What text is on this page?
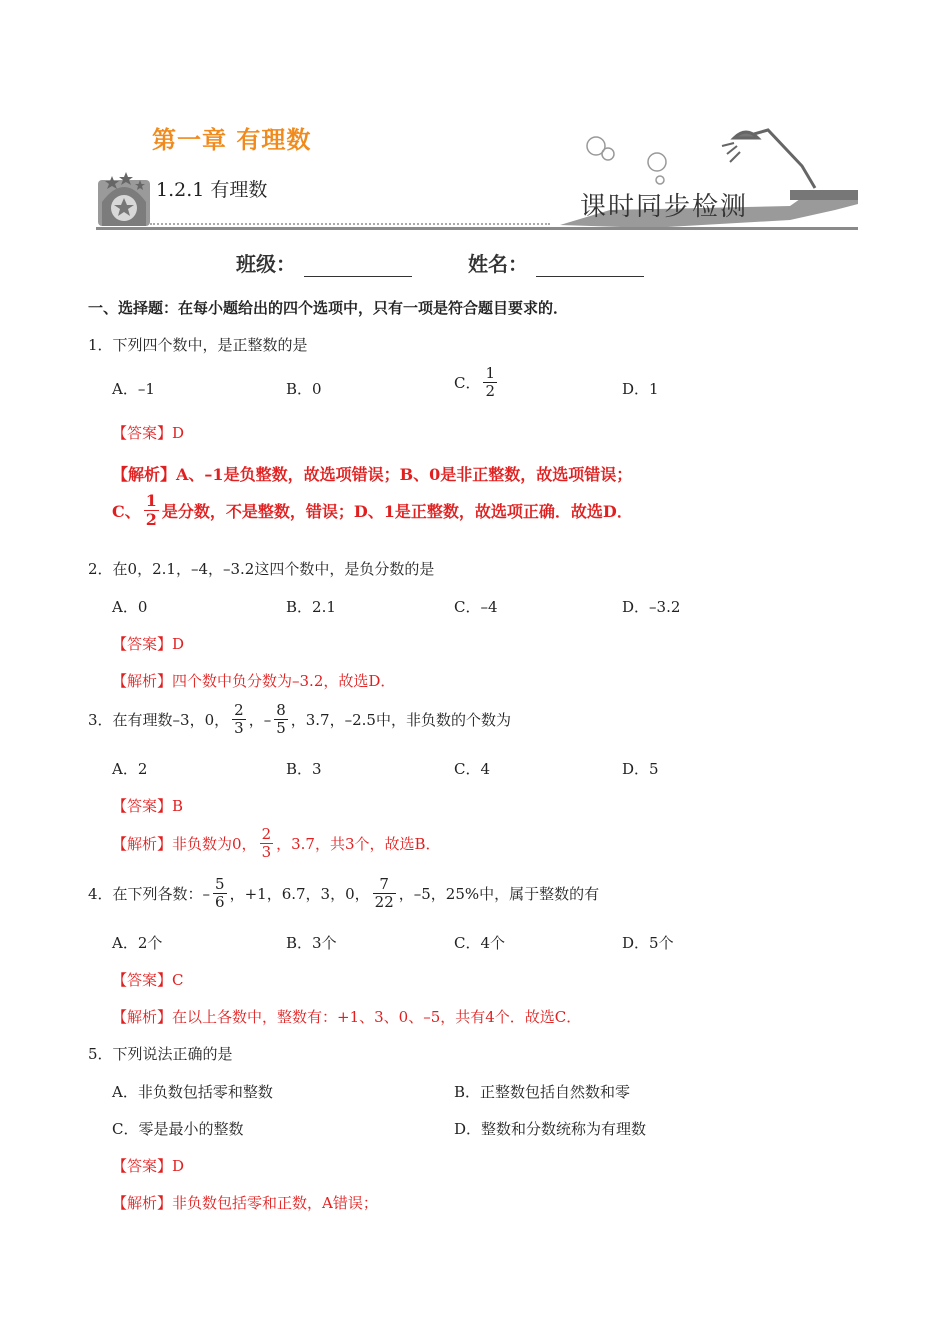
第一章 有理数
1.2.1 有理数
课时同步检测
班级：	姓名：
一、选择题：在每小题给出的四个选项中，只有一项是符合题目要求的．
1．下列四个数中，是正整数的是
A．–1	B．0	C． $\frac{1}{2}$	D．1
【答案】D
【解析】A、–1是负整数，故选项错误；B、0是非正整数，故选项错误；
C、 $\frac{1}{2}$ 是分数，不是整数，错误；D、1是正整数，故选项正确．故选D．
2．在0，2.1，–4，–3.2这四个数中，是负分数的是
A．0	B．2.1	C．–4	D．–3.2
【答案】D
【解析】四个数中负分数为–3.2，故选D．
3．在有理数–3，0， $\frac{2}{3}$ ，– $\frac{8}{5}$ ，3.7，–2.5中，非负数的个数为
A．2	B．3	C．4	D．5
【答案】B
【解析】 非负数为0， $\frac{2}{3}$ ，3.7，共3个，故选B．
4．在下列各数：– $\frac{5}{6}$ ，+1，6.7，3，0， $\frac{7}{22}$ ，–5，25%中，属于整数的有
A．2个	B．3个	C．4个	D．5个
【答案】C
【解析】在以上各数中，整数有：+1、3、0、–5，共有4个．故选C．
5．下列说法正确的是
A．非负数包括零和整数	B．正整数包括自然数和零
C．零是最小的整数	D．整数和分数统称为有理数
【答案】D
【解析】非负数包括零和正数，A错误；
